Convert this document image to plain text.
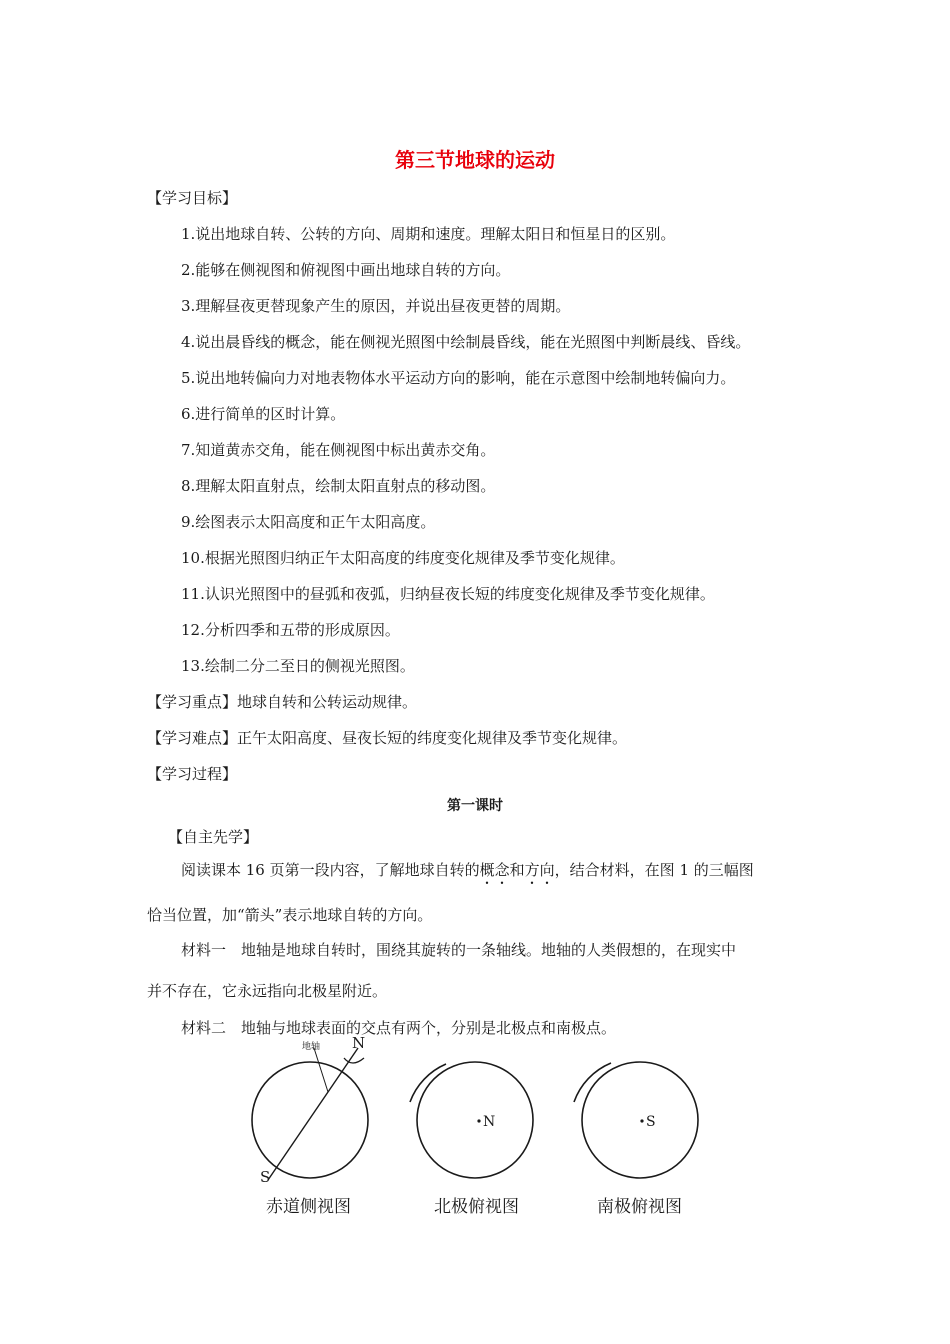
第三节地球的运动
【学习目标】
1.说出地球自转、公转的方向、周期和速度。理解太阳日和恒星日的区别。
2.能够在侧视图和俯视图中画出地球自转的方向。
3.理解昼夜更替现象产生的原因，并说出昼夜更替的周期。
4.说出晨昏线的概念，能在侧视光照图中绘制晨昏线，能在光照图中判断晨线、昏线。
5.说出地转偏向力对地表物体水平运动方向的影响，能在示意图中绘制地转偏向力。
6.进行简单的区时计算。
7.知道黄赤交角，能在侧视图中标出黄赤交角。
8.理解太阳直射点，绘制太阳直射点的移动图。
9.绘图表示太阳高度和正午太阳高度。
10.根据光照图归纳正午太阳高度的纬度变化规律及季节变化规律。
11.认识光照图中的昼弧和夜弧，归纳昼夜长短的纬度变化规律及季节变化规律。
12.分析四季和五带的形成原因。
13.绘制二分二至日的侧视光照图。
【学习重点】地球自转和公转运动规律。
【学习难点】正午太阳高度、昼夜长短的纬度变化规律及季节变化规律。
【学习过程】
第一课时
【自主先学】
阅读课本 16 页第一段内容，了解地球自转的概念和方向，结合材料，在图 1 的三幅图
恰当位置，加“箭头”表示地球自转的方向。
材料一　地轴是地球自转时，围绕其旋转的一条轴线。地轴的人类假想的，在现实中
并不存在，它永远指向北极星附近。
材料二　地轴与地球表面的交点有两个，分别是北极点和南极点。
地轴 N
S
N	S
赤道侧视图	北极俯视图	南极俯视图
